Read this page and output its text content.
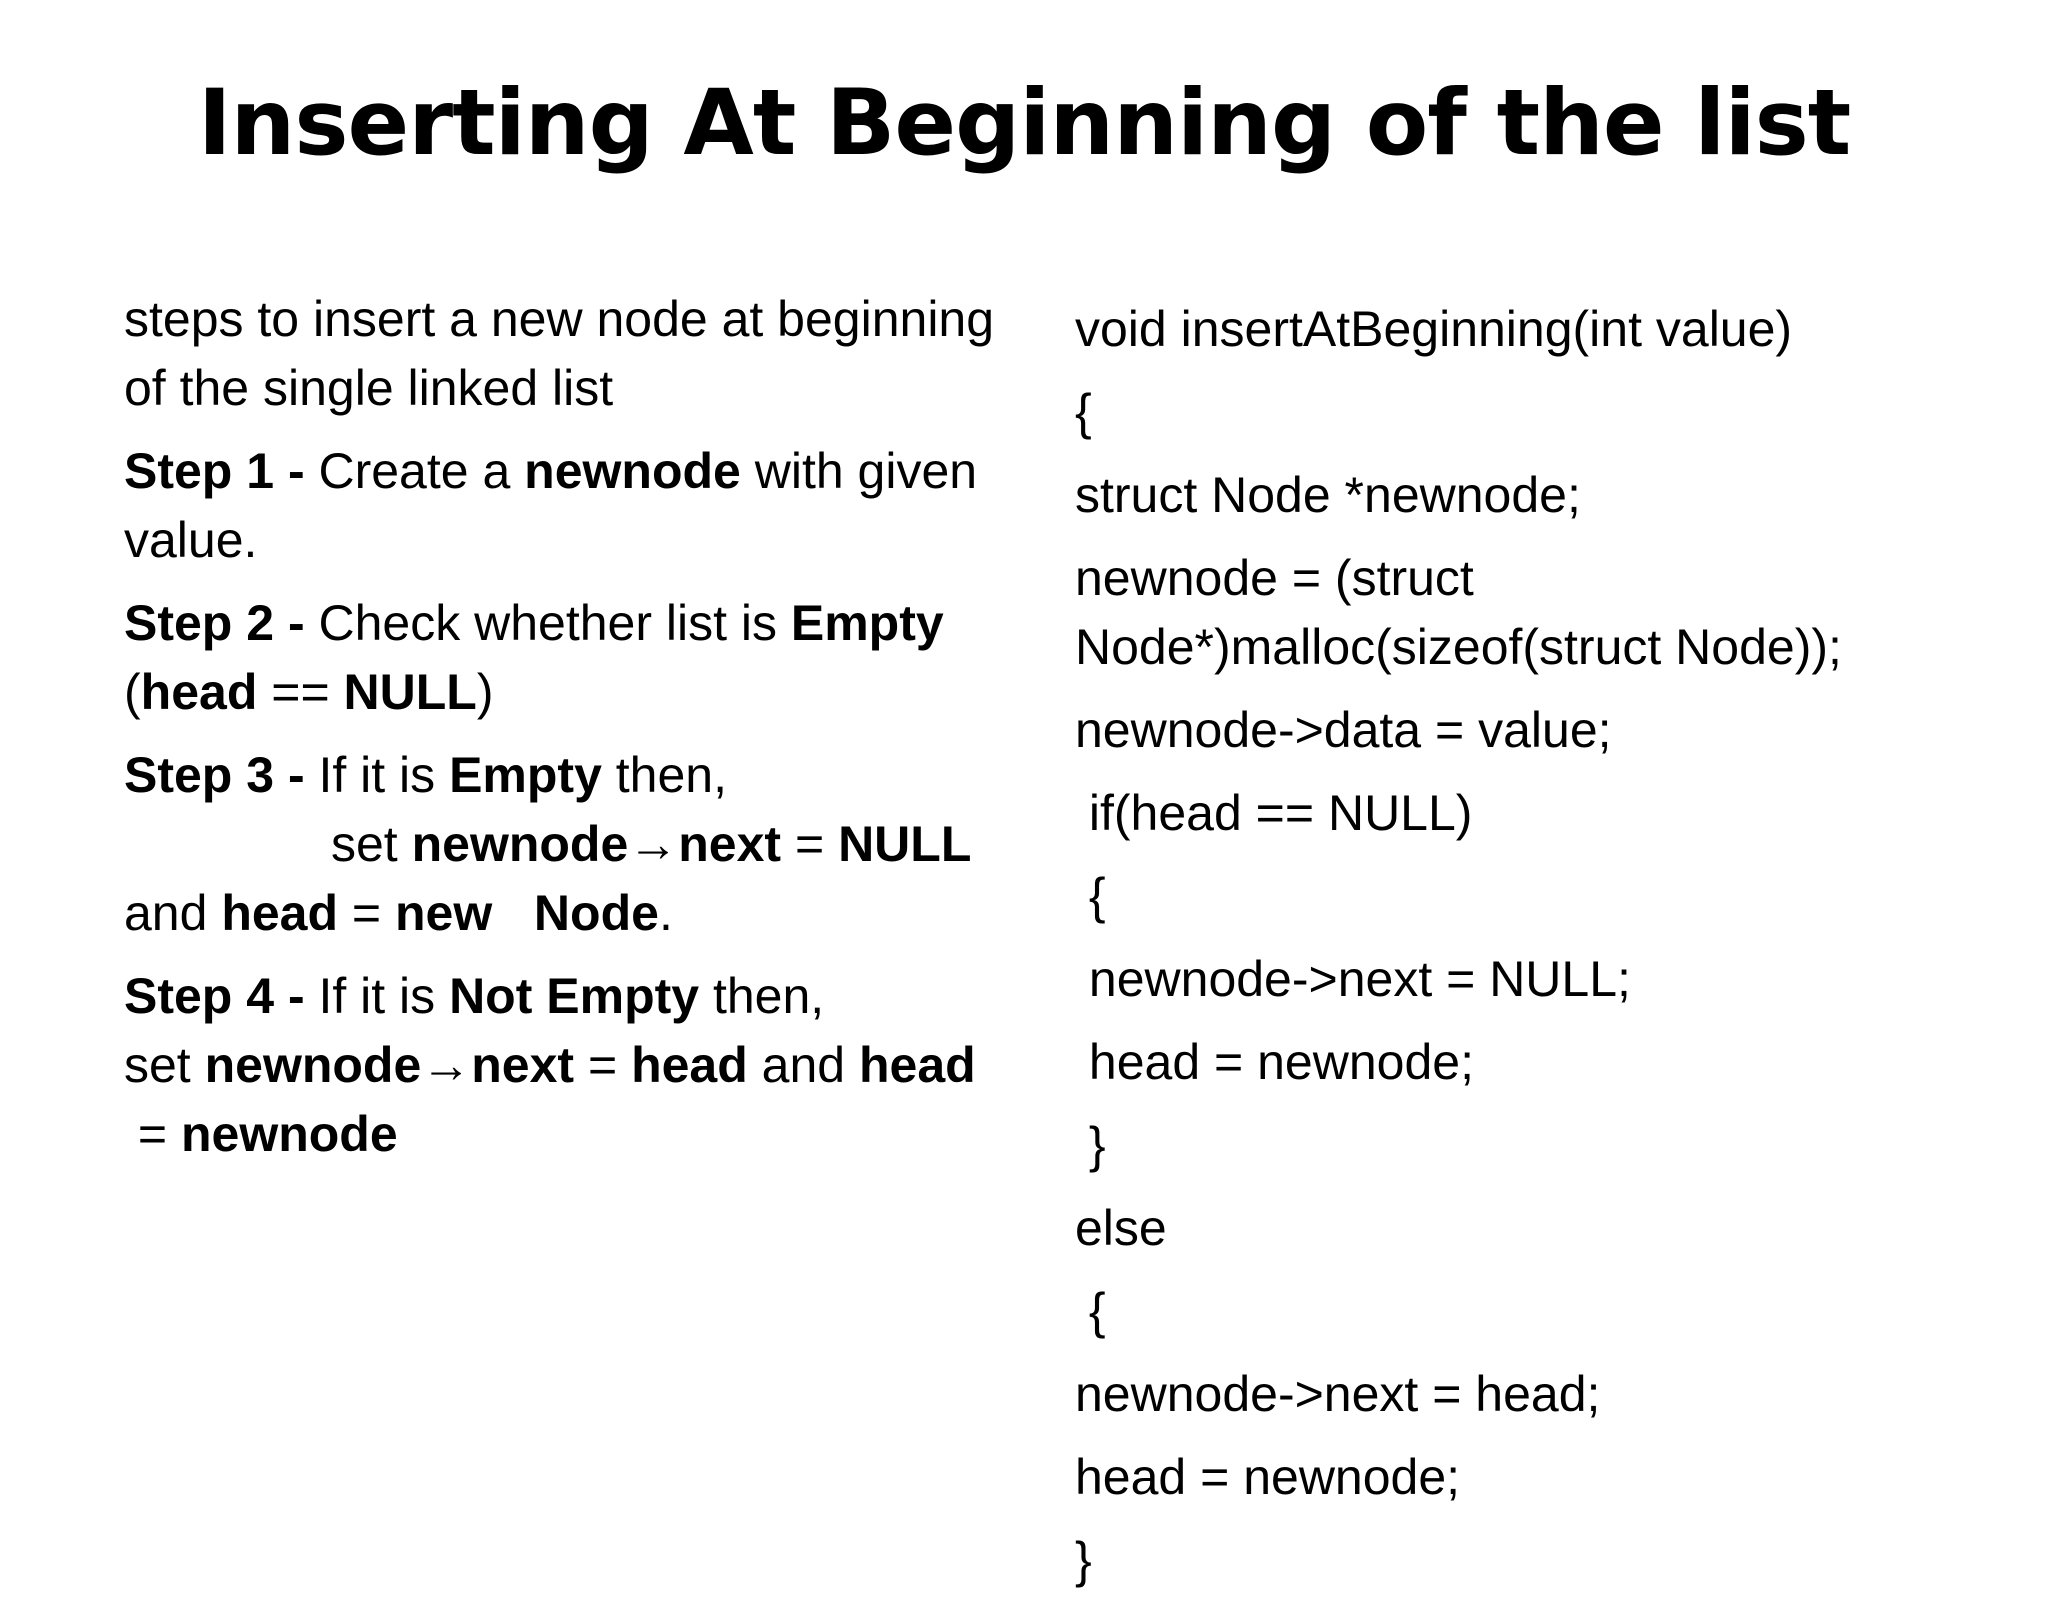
Inserting At Beginning of the list

steps to insert a new node at beginning of the single linked list

Step 1 - Create a newnode with given value.

Step 2 - Check whether list is Empty (head == NULL)

Step 3 - If it is Empty then,
set newnode→next = NULL
and head = new   Node.

Step 4 - If it is Not Empty then,
set newnode→next = head and head
= newnode

void insertAtBeginning(int value)
{
struct Node *newnode;
newnode = (struct Node*)malloc(sizeof(struct Node));
newnode->data = value;
if(head == NULL)
{
newnode->next = NULL;
head = newnode;
}
else
{
newnode->next = head;
head = newnode;
}
